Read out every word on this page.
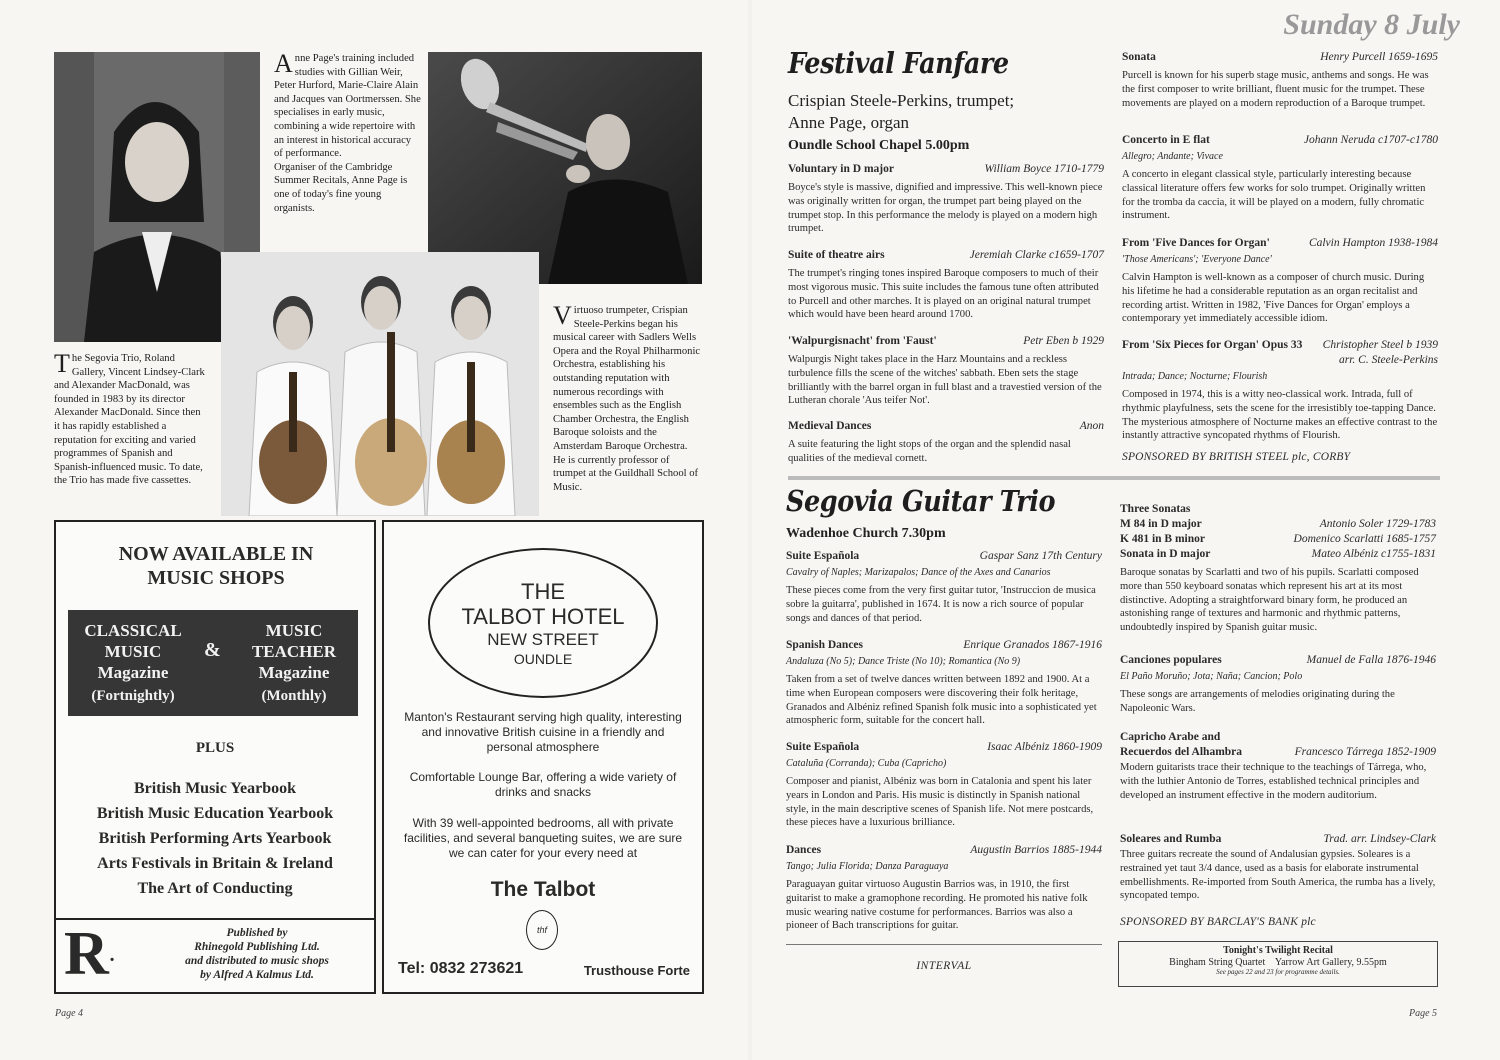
Anne Page's training included studies with Gillian Weir, Peter Hurford, Marie-Claire Alain and Jacques van Oortmerssen. She specialises in early music, combining a wide repertoire with an interest in historical accuracy of performance.
Organiser of the Cambridge Summer Recitals, Anne Page is one of today's fine young organists.
The Segovia Trio, Roland Gallery, Vincent Lindsey-Clark and Alexander MacDonald, was founded in 1983 by its director Alexander MacDonald. Since then it has rapidly established a reputation for exciting and varied programmes of Spanish and Spanish-influenced music. To date, the Trio has made five cassettes.
Virtuoso trumpeter, Crispian Steele-Perkins began his musical career with Sadlers Wells Opera and the Royal Philharmonic Orchestra, establishing his outstanding reputation with numerous recordings with ensembles such as the English Chamber Orchestra, the English Baroque soloists and the Amsterdam Baroque Orchestra.
He is currently professor of trumpet at the Guildhall School of Music.
NOW AVAILABLE IN MUSIC SHOPS
CLASSICAL
MUSIC
Magazine
(Fortnightly)
&
MUSIC
TEACHER
Magazine
(Monthly)
PLUS
British Music Yearbook
British Music Education Yearbook
British Performing Arts Yearbook
Arts Festivals in Britain & Ireland
The Art of Conducting
R·
Published by
Rhinegold Publishing Ltd.
and distributed to music shops
by Alfred A Kalmus Ltd.
THE
TALBOT HOTEL
NEW STREET
OUNDLE
Manton's Restaurant serving high quality, interesting and innovative British cuisine in a friendly and personal atmosphere
Comfortable Lounge Bar, offering a wide variety of drinks and snacks
With 39 well-appointed bedrooms, all with private facilities, and several banqueting suites, we are sure we can cater for your every need at
The Talbot
thf
Tel: 0832 273621	Trusthouse Forte
Page 4
Sunday 8 July
Festival Fanfare
Crispian Steele-Perkins, trumpet;
Anne Page, organ
Oundle School Chapel 5.00pm
Voluntary in D major	William Boyce 1710-1779
Boyce's style is massive, dignified and impressive. This well-known piece was originally written for organ, the trumpet part being played on the trumpet stop. In this performance the melody is played on a modern high trumpet.
Suite of theatre airs	Jeremiah Clarke c1659-1707
The trumpet's ringing tones inspired Baroque composers to much of their most vigorous music. This suite includes the famous tune often attributed to Purcell and other marches. It is played on an original natural trumpet which would have been heard around 1700.
'Walpurgisnacht' from 'Faust'	Petr Eben b 1929
Walpurgis Night takes place in the Harz Mountains and a reckless turbulence fills the scene of the witches' sabbath. Eben sets the stage brilliantly with the barrel organ in full blast and a travestied version of the Lutheran chorale 'Aus teifer Not'.
Medieval Dances	Anon
A suite featuring the light stops of the organ and the splendid nasal qualities of the medieval cornett.
Sonata	Henry Purcell 1659-1695
Purcell is known for his superb stage music, anthems and songs. He was the first composer to write brilliant, fluent music for the trumpet. These movements are played on a modern reproduction of a Baroque trumpet.
Concerto in E flat	Johann Neruda c1707-c1780
Allegro; Andante; Vivace
A concerto in elegant classical style, particularly interesting because classical literature offers few works for solo trumpet. Originally written for the tromba da caccia, it will be played on a modern, fully chromatic instrument.
From 'Five Dances for Organ'	Calvin Hampton 1938-1984
'Those Americans'; 'Everyone Dance'
Calvin Hampton is well-known as a composer of church music. During his lifetime he had a considerable reputation as an organ recitalist and recording artist. Written in 1982, 'Five Dances for Organ' employs a contemporary yet immediately accessible idiom.
From 'Six Pieces for Organ' Opus 33 Christopher Steel b 1939
arr. C. Steele-Perkins
Intrada; Dance; Nocturne; Flourish
Composed in 1974, this is a witty neo-classical work. Intrada, full of rhythmic playfulness, sets the scene for the irresistibly toe-tapping Dance. The mysterious atmosphere of Nocturne makes an effective contrast to the instantly attractive syncopated rhythms of Flourish.
SPONSORED BY BRITISH STEEL plc, CORBY
Segovia Guitar Trio
Wadenhoe Church 7.30pm
Suite Española	Gaspar Sanz 17th Century
Cavalry of Naples; Marizapalos; Dance of the Axes and Canarios
These pieces come from the very first guitar tutor, 'Instruccion de musica sobre la guitarra', published in 1674. It is now a rich source of popular songs and dances of that period.
Spanish Dances	Enrique Granados 1867-1916
Andaluza (No 5); Dance Triste (No 10); Romantica (No 9)
Taken from a set of twelve dances written between 1892 and 1900. At a time when European composers were discovering their folk heritage, Granados and Albéniz refined Spanish folk music into a sophisticated yet atmospheric form, suitable for the concert hall.
Suite Española	Isaac Albéniz 1860-1909
Cataluña (Corranda); Cuba (Capricho)
Composer and pianist, Albéniz was born in Catalonia and spent his later years in London and Paris. His music is distinctly in Spanish national style, in the main descriptive scenes of Spanish life. Not mere postcards, these pieces have a luxurious brilliance.
Dances	Augustin Barrios 1885-1944
Tango; Julia Florida; Danza Paraguaya
Paraguayan guitar virtuoso Augustin Barrios was, in 1910, the first guitarist to make a gramophone recording. He promoted his native folk music wearing native costume for performances. Barrios was also a pioneer of Bach transcriptions for guitar.
INTERVAL
Three Sonatas
M 84 in D major	Antonio Soler 1729-1783
K 481 in B minor	Domenico Scarlatti 1685-1757
Sonata in D major	Mateo Albéniz c1755-1831
Baroque sonatas by Scarlatti and two of his pupils. Scarlatti composed more than 550 keyboard sonatas which represent his art at its most distinctive. Adopting a straightforward binary form, he produced an astonishing range of textures and harmonic and rhythmic patterns, undoubtedly inspired by Spanish guitar music.
Canciones populares	Manuel de Falla 1876-1946
El Paño Moruño; Jota; Naña; Cancion; Polo
These songs are arrangements of melodies originating during the Napoleonic Wars.
Capricho Arabe and
Recuerdos del Alhambra	Francesco Tárrega 1852-1909
Modern guitarists trace their technique to the teachings of Tárrega, who, with the luthier Antonio de Torres, established technical principles and developed an instrument effective in the modern auditorium.
Soleares and Rumba	Trad. arr. Lindsey-Clark
Three guitars recreate the sound of Andalusian gypsies. Soleares is a restrained yet taut 3/4 dance, used as a basis for elaborate instrumental embellishments. Re-imported from South America, the rumba has a lively, syncopated tempo.
SPONSORED BY BARCLAY'S BANK plc
Tonight's Twilight Recital
Bingham String Quartet    Yarrow Art Gallery, 9.55pm
See pages 22 and 23 for programme details.
Page 5
